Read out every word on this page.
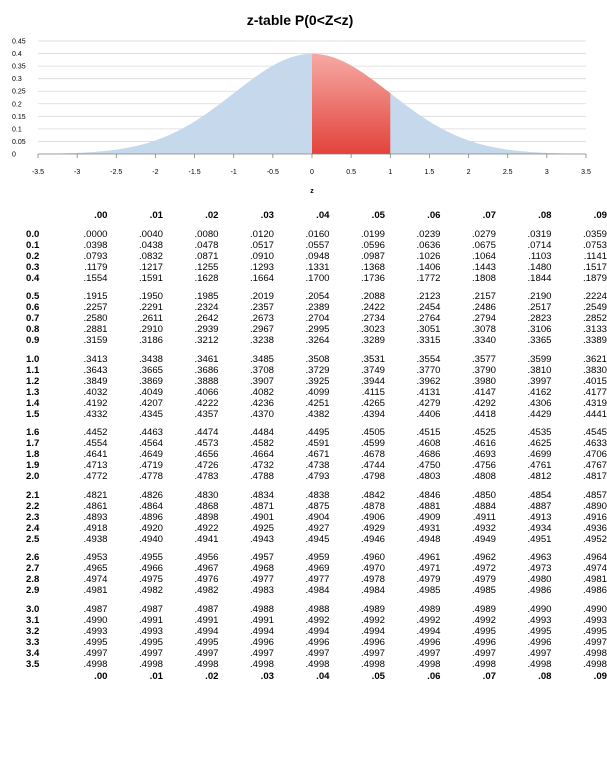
z-table P(0<Z<z)
0
0.05
0.1
0.15
0.2
0.25
0.3
0.35
0.4
0.45
-3.5	-3	-2.5	-2	-1.5	-1	-0.5	0	0.5	1	1.5	2	2.5	3	3.5
z
	.00	.01	.02	.03	.04	.05	.06	.07	.08	.09

0.0	.0000	.0040	.0080	.0120	.0160	.0199	.0239	.0279	.0319	.0359
0.1	.0398	.0438	.0478	.0517	.0557	.0596	.0636	.0675	.0714	.0753
0.2	.0793	.0832	.0871	.0910	.0948	.0987	.1026	.1064	.1103	.1141
0.3	.1179	.1217	.1255	.1293	.1331	.1368	.1406	.1443	.1480	.1517
0.4	.1554	.1591	.1628	.1664	.1700	.1736	.1772	.1808	.1844	.1879

0.5	.1915	.1950	.1985	.2019	.2054	.2088	.2123	.2157	.2190	.2224
0.6	.2257	.2291	.2324	.2357	.2389	.2422	.2454	.2486	.2517	.2549
0.7	.2580	.2611	.2642	.2673	.2704	.2734	.2764	.2794	.2823	.2852
0.8	.2881	.2910	.2939	.2967	.2995	.3023	.3051	.3078	.3106	.3133
0.9	.3159	.3186	.3212	.3238	.3264	.3289	.3315	.3340	.3365	.3389

1.0	.3413	.3438	.3461	.3485	.3508	.3531	.3554	.3577	.3599	.3621
1.1	.3643	.3665	.3686	.3708	.3729	.3749	.3770	.3790	.3810	.3830
1.2	.3849	.3869	.3888	.3907	.3925	.3944	.3962	.3980	.3997	.4015
1.3	.4032	.4049	.4066	.4082	.4099	.4115	.4131	.4147	.4162	.4177
1.4	.4192	.4207	.4222	.4236	.4251	.4265	.4279	.4292	.4306	.4319
1.5	.4332	.4345	.4357	.4370	.4382	.4394	.4406	.4418	.4429	.4441

1.6	.4452	.4463	.4474	.4484	.4495	.4505	.4515	.4525	.4535	.4545
1.7	.4554	.4564	.4573	.4582	.4591	.4599	.4608	.4616	.4625	.4633
1.8	.4641	.4649	.4656	.4664	.4671	.4678	.4686	.4693	.4699	.4706
1.9	.4713	.4719	.4726	.4732	.4738	.4744	.4750	.4756	.4761	.4767
2.0	.4772	.4778	.4783	.4788	.4793	.4798	.4803	.4808	.4812	.4817

2.1	.4821	.4826	.4830	.4834	.4838	.4842	.4846	.4850	.4854	.4857
2.2	.4861	.4864	.4868	.4871	.4875	.4878	.4881	.4884	.4887	.4890
2.3	.4893	.4896	.4898	.4901	.4904	.4906	.4909	.4911	.4913	.4916
2.4	.4918	.4920	.4922	.4925	.4927	.4929	.4931	.4932	.4934	.4936
2.5	.4938	.4940	.4941	.4943	.4945	.4946	.4948	.4949	.4951	.4952

2.6	.4953	.4955	.4956	.4957	.4959	.4960	.4961	.4962	.4963	.4964
2.7	.4965	.4966	.4967	.4968	.4969	.4970	.4971	.4972	.4973	.4974
2.8	.4974	.4975	.4976	.4977	.4977	.4978	.4979	.4979	.4980	.4981
2.9	.4981	.4982	.4982	.4983	.4984	.4984	.4985	.4985	.4986	.4986

3.0	.4987	.4987	.4987	.4988	.4988	.4989	.4989	.4989	.4990	.4990
3.1	.4990	.4991	.4991	.4991	.4992	.4992	.4992	.4992	.4993	.4993
3.2	.4993	.4993	.4994	.4994	.4994	.4994	.4994	.4995	.4995	.4995
3.3	.4995	.4995	.4995	.4996	.4996	.4996	.4996	.4996	.4996	.4997
3.4	.4997	.4997	.4997	.4997	.4997	.4997	.4997	.4997	.4997	.4998
3.5	.4998	.4998	.4998	.4998	.4998	.4998	.4998	.4998	.4998	.4998
	.00	.01	.02	.03	.04	.05	.06	.07	.08	.09
